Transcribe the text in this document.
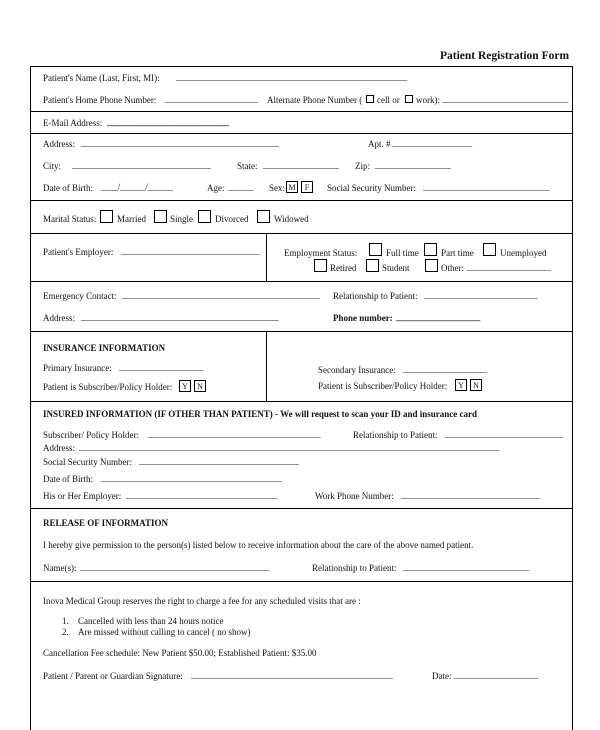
Patient Registration Form
Patient's Name (Last, First, MI): _______________________________________________________
Patient's Home Phone Number: ______________________ Alternate Phone Number ( cell or work): ______________________________
E-Mail Address: _____________________________
Address: _______________________________________________	Apt. # ___________________
City: _________________________________	State: __________________ Zip: __________________
Date of Birth: ____/______/______	Age: ______ Sex: M	F	Social Security Number: ______________________________
Marital Status: Married	Single Divorced	Widowed
Patient's Employer: _________________________________	Employment Status:	Full time Part time	Unemployed
Retired	Student	Other: ____________________
Emergency Contact: _______________________________________________ Relationship to Patient: ___________________________
Address: _______________________________________________	Phone number: ____________________
INSURANCE INFORMATION
Primary Insurance: ____________________	Secondary Insurance: ____________________
Patient is Subscriber/Policy Holder:	Y	N	Patient is Subscriber/Policy Holder:	Y	N
INSURED INFORMATION (IF OTHER THAN PATIENT) - We will request to scan your ID and insurance card
Subscriber/ Policy Holder: _________________________________________	Relationship to Patient: ____________________________
Address: ____________________________________________________________________________________________________
Social Security Number: ______________________________________
Date of Birth: ___________________________________________
His or Her Employer: ____________________________________	Work Phone Number: _________________________________
RELEASE OF INFORMATION
I hereby give permission to the person(s) listed below to receive information about the care of the above named patient.
Name(s): _____________________________________________	Relationship to Patient: ______________________________
Inova Medical Group reserves the right to charge a fee for any scheduled visits that are :
1. Cancelled with less than 24 hours notice
2. Are missed without calling to cancel ( no show)
Cancellation Fee schedule: New Patient $50.00; Established Patient: $35.00
Patient / Parent or Guardian Signature: ________________________________________________	Date: ____________________
